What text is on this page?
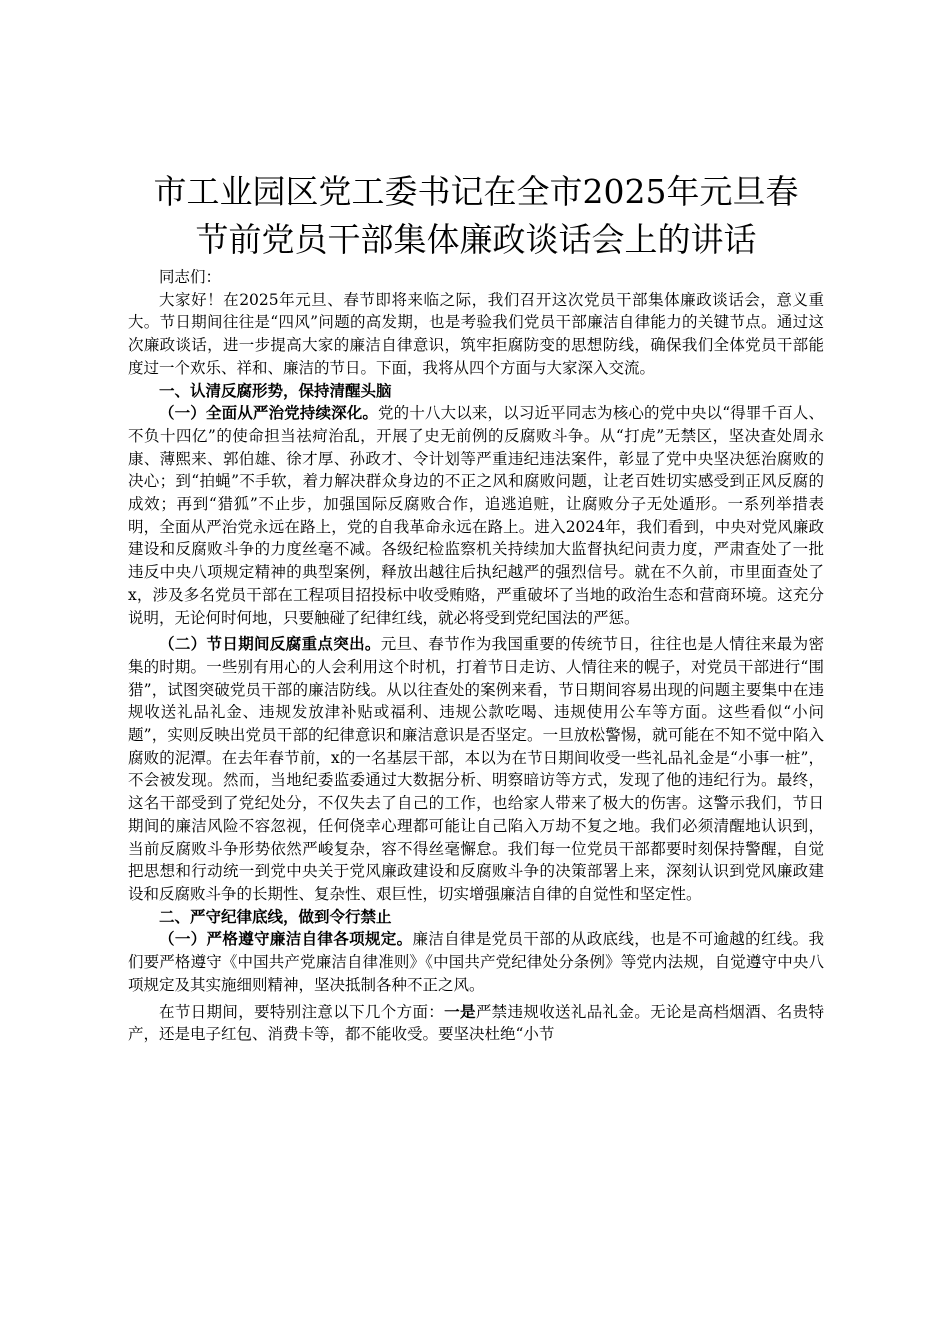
市工业园区党工委书记在全市2025年元旦春
节前党员干部集体廉政谈话会上的讲话

同志们：

大家好！在2025年元旦、春节即将来临之际，我们召开这次党员干部集体廉政谈话会，意义重大。节日期间往往是“四风”问题的高发期，也是考验我们党员干部廉洁自律能力的关键节点。通过这次廉政谈话，进一步提高大家的廉洁自律意识，筑牢拒腐防变的思想防线，确保我们全体党员干部能度过一个欢乐、祥和、廉洁的节日。下面，我将从四个方面与大家深入交流。

一、认清反腐形势，保持清醒头脑

（一）全面从严治党持续深化。党的十八大以来，以习近平同志为核心的党中央以“得罪千百人、不负十四亿”的使命担当祛疴治乱，开展了史无前例的反腐败斗争。从“打虎”无禁区，坚决查处周永康、薄熙来、郭伯雄、徐才厚、孙政才、令计划等严重违纪违法案件，彰显了党中央坚决惩治腐败的决心；到“拍蝇”不手软，着力解决群众身边的不正之风和腐败问题，让老百姓切实感受到正风反腐的成效；再到“猎狐”不止步，加强国际反腐败合作，追逃追赃，让腐败分子无处遁形。一系列举措表明，全面从严治党永远在路上，党的自我革命永远在路上。进入2024年，我们看到，中央对党风廉政建设和反腐败斗争的力度丝毫不减。各级纪检监察机关持续加大监督执纪问责力度，严肃查处了一批违反中央八项规定精神的典型案例，释放出越往后执纪越严的强烈信号。就在不久前，市里面查处了x，涉及多名党员干部在工程项目招投标中收受贿赂，严重破坏了当地的政治生态和营商环境。这充分说明，无论何时何地，只要触碰了纪律红线，就必将受到党纪国法的严惩。

（二）节日期间反腐重点突出。元旦、春节作为我国重要的传统节日，往往也是人情往来最为密集的时期。一些别有用心的人会利用这个时机，打着节日走访、人情往来的幌子，对党员干部进行“围猎”，试图突破党员干部的廉洁防线。从以往查处的案例来看，节日期间容易出现的问题主要集中在违规收送礼品礼金、违规发放津补贴或福利、违规公款吃喝、违规使用公车等方面。这些看似“小问题”，实则反映出党员干部的纪律意识和廉洁意识是否坚定。一旦放松警惕，就可能在不知不觉中陷入腐败的泥潭。在去年春节前，x的一名基层干部，本以为在节日期间收受一些礼品礼金是“小事一桩”，不会被发现。然而，当地纪委监委通过大数据分析、明察暗访等方式，发现了他的违纪行为。最终，这名干部受到了党纪处分，不仅失去了自己的工作，也给家人带来了极大的伤害。这警示我们，节日期间的廉洁风险不容忽视，任何侥幸心理都可能让自己陷入万劫不复之地。我们必须清醒地认识到，当前反腐败斗争形势依然严峻复杂，容不得丝毫懈怠。我们每一位党员干部都要时刻保持警醒，自觉把思想和行动统一到党中央关于党风廉政建设和反腐败斗争的决策部署上来，深刻认识到党风廉政建设和反腐败斗争的长期性、复杂性、艰巨性，切实增强廉洁自律的自觉性和坚定性。

二、严守纪律底线，做到令行禁止

（一）严格遵守廉洁自律各项规定。廉洁自律是党员干部的从政底线，也是不可逾越的红线。我们要严格遵守《中国共产党廉洁自律准则》《中国共产党纪律处分条例》等党内法规，自觉遵守中央八项规定及其实施细则精神，坚决抵制各种不正之风。

在节日期间，要特别注意以下几个方面：一是严禁违规收送礼品礼金。无论是高档烟酒、名贵特产，还是电子红包、消费卡等，都不能收受。要坚决杜绝“小节
